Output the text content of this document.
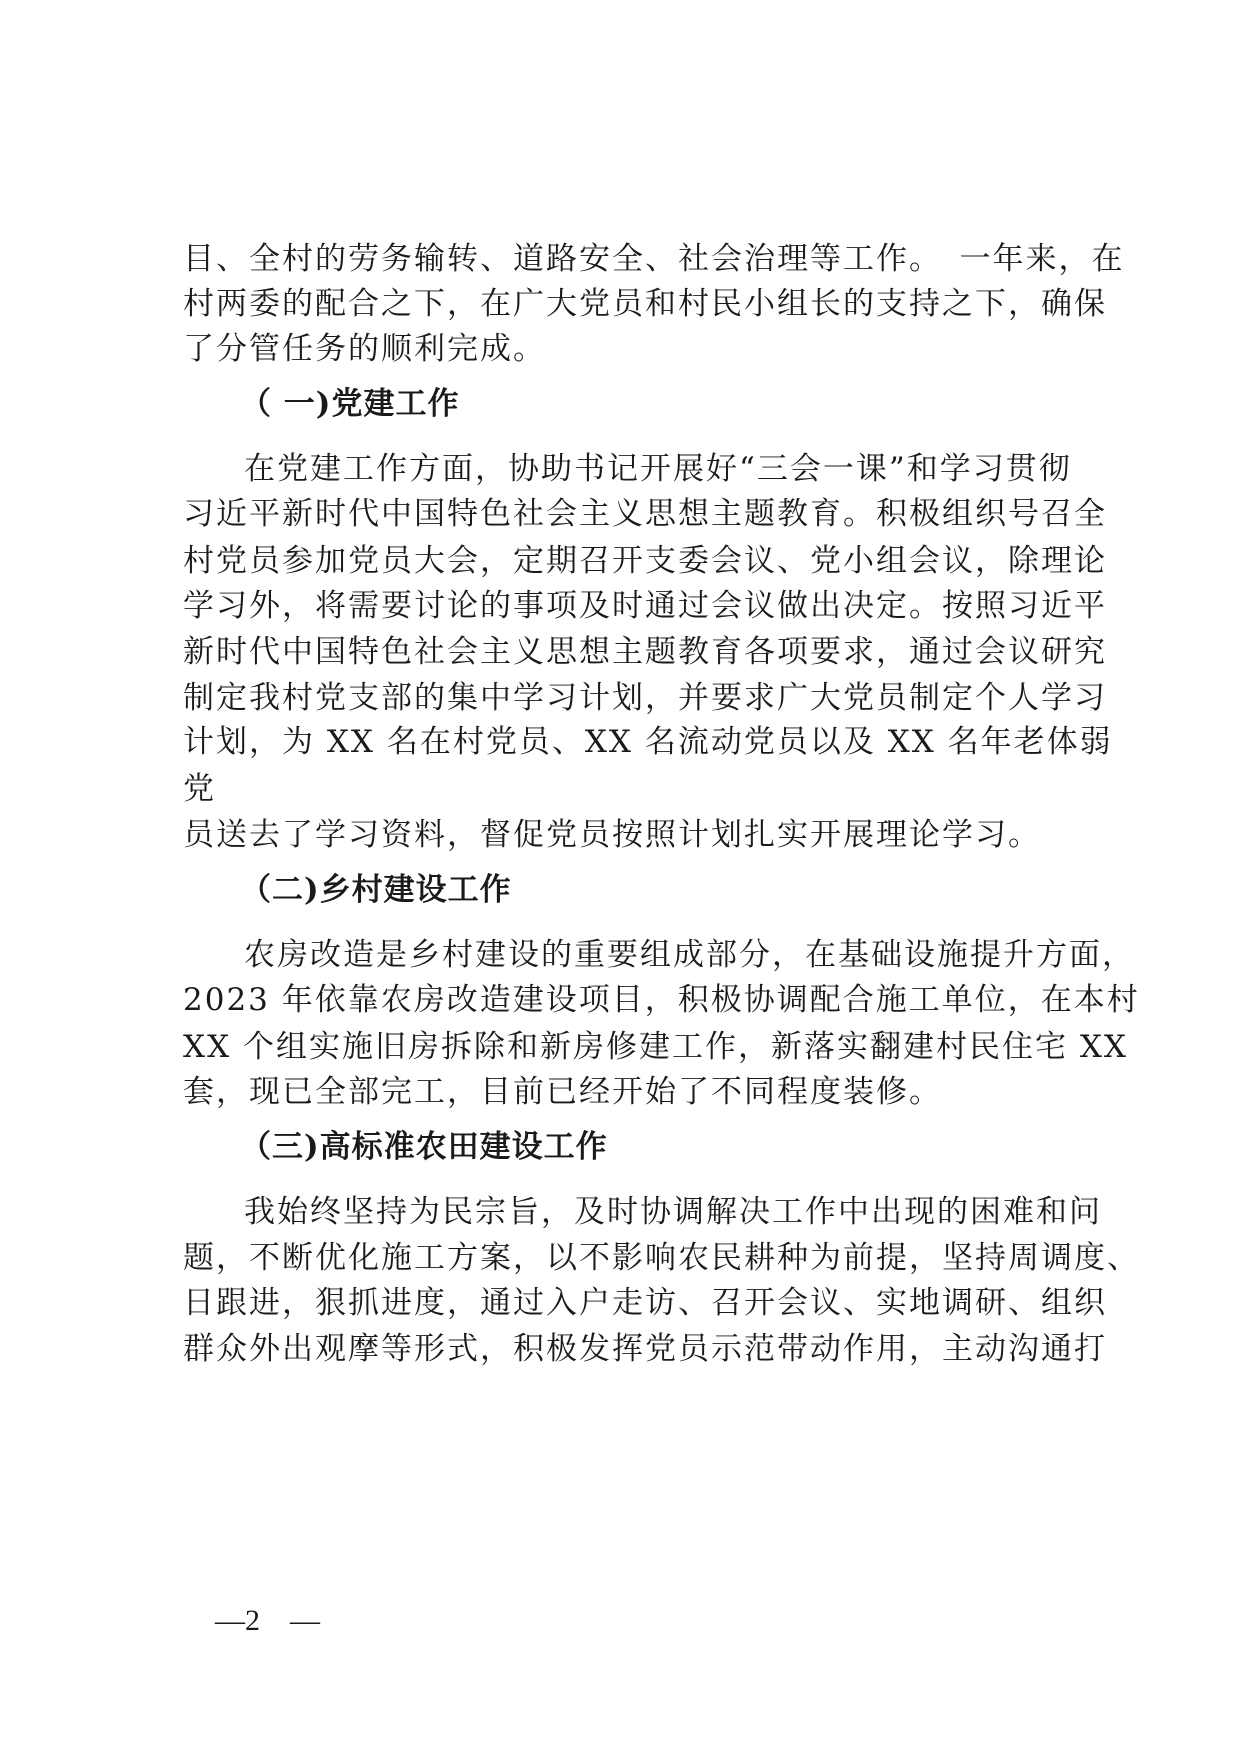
目、全村的劳务输转、道路安全、社会治理等工作。　一年来，在
村两委的配合之下，在广大党员和村民小组长的支持之下，确保
了分管任务的顺利完成。
（ 一)党建工作
在党建工作方面，协助书记开展好“三会一课”和学习贯彻
习近平新时代中国特色社会主义思想主题教育。积极组织号召全
村党员参加党员大会，定期召开支委会议、党小组会议，除理论
学习外，将需要讨论的事项及时通过会议做出决定。按照习近平
新时代中国特色社会主义思想主题教育各项要求，通过会议研究
制定我村党支部的集中学习计划，并要求广大党员制定个人学习
计划，为 XX 名在村党员、XX 名流动党员以及 XX 名年老体弱
党
员送去了学习资料，督促党员按照计划扎实开展理论学习。
（二)乡村建设工作
农房改造是乡村建设的重要组成部分，在基础设施提升方面，
2023 年依靠农房改造建设项目，积极协调配合施工单位，在本村
XX 个组实施旧房拆除和新房修建工作，新落实翻建村民住宅 XX
套，现已全部完工，目前已经开始了不同程度装修。
（三)高标准农田建设工作
我始终坚持为民宗旨，及时协调解决工作中出现的困难和问
题，不断优化施工方案，以不影响农民耕种为前提，坚持周调度、
日跟进，狠抓进度，通过入户走访、召开会议、实地调研、组织
群众外出观摩等形式，积极发挥党员示范带动作用，主动沟通打
—2　—
